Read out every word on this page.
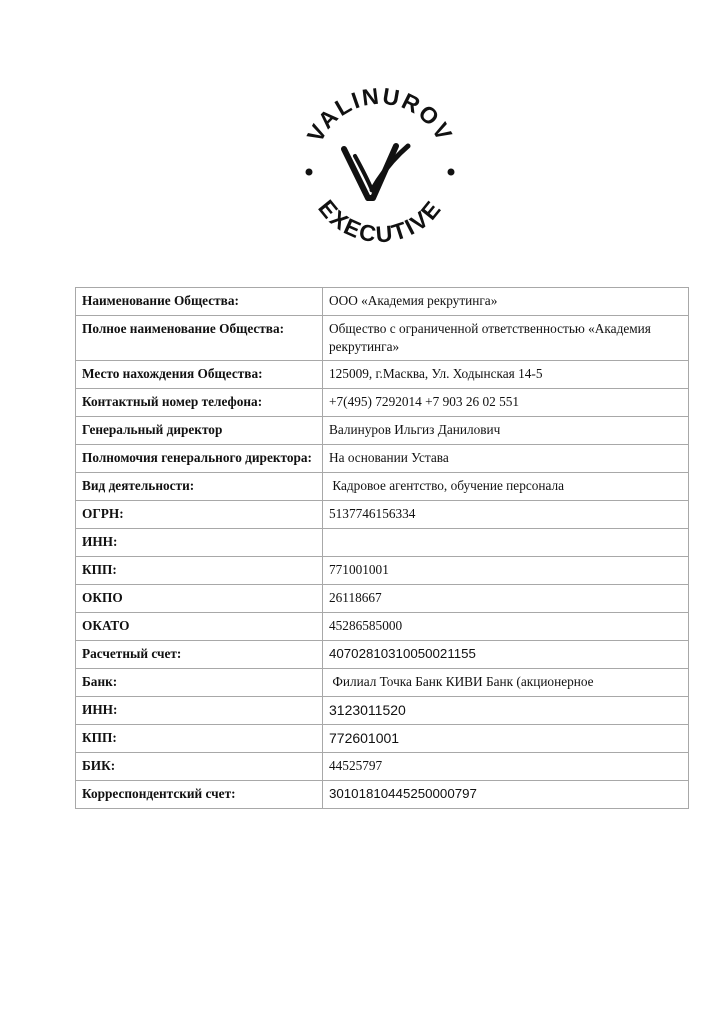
VALINUROV
EXECUTIVE
Наименование Общества:	ООО «Академия рекрутинга»
Полное наименование Общества:	Общество с ограниченной ответственностью «Академия рекрутинга»
Место нахождения Общества:	125009, г.Масква, Ул. Ходынская 14-5
Контактный номер телефона:	+7(495) 7292014 +7 903 26 02 551
Генеральный директор	Валинуров Ильгиз Данилович
Полномочия генерального директора:	На основании Устава
Вид деятельности:	Кадровое агентство, обучение персонала
ОГРН:	5137746156334
ИНН:	
КПП:	771001001
ОКПО	26118667
ОКАТО	45286585000
Расчетный счет:	40702810310050021155
Банк:	Филиал Точка Банк КИВИ Банк (акционерное
ИНН:	3123011520
КПП:	772601001
БИК:	44525797
Корреспондентский счет:	30101810445250000797
